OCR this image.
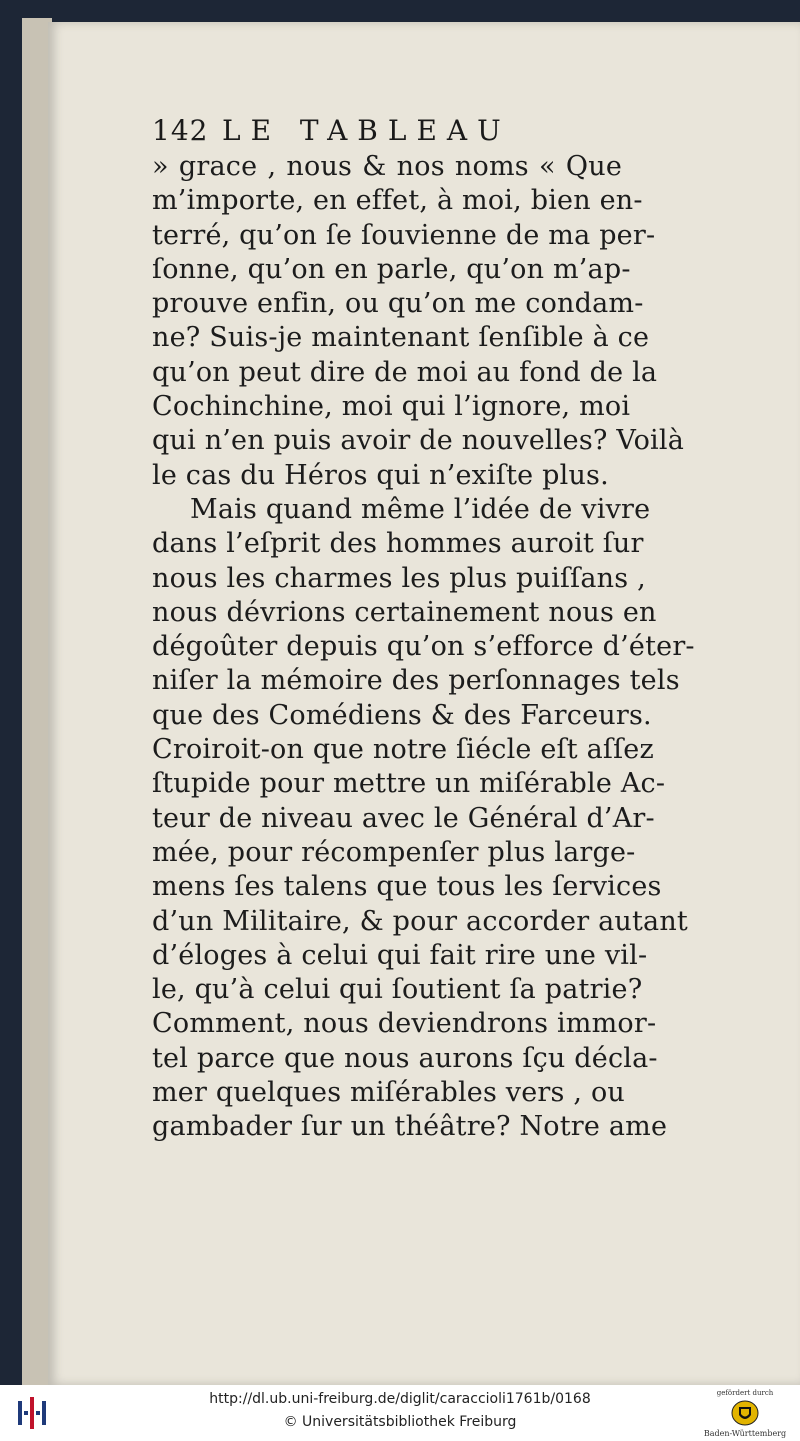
142 LE TABLEAU
» grace , nous & nos noms « Que
m’importe, en effet, à moi, bien en-
terré, qu’on ſe ſouvienne de ma per-
ſonne, qu’on en parle, qu’on m’ap-
prouve enfin, ou qu’on me condam-
ne? Suis-je maintenant ſenſible à ce
qu’on peut dire de moi au fond de la
Cochinchine, moi qui l’ignore, moi
qui n’en puis avoir de nouvelles? Voilà
le cas du Héros qui n’exiſte plus.
Mais quand même l’idée de vivre
dans l’eſprit des hommes auroit ſur
nous les charmes les plus puiſſans ,
nous dévrions certainement nous en
dégoûter depuis qu’on s’efforce d’éter-
niſer la mémoire des perſonnages tels
que des Comédiens & des Farceurs.
Croiroit-on que notre ſiécle eſt aſſez
ſtupide pour mettre un miſérable Ac-
teur de niveau avec le Général d’Ar-
mée, pour récompenſer plus large-
mens ſes talens que tous les ſervices
d’un Militaire, & pour accorder autant
d’éloges à celui qui fait rire une vil-
le, qu’à celui qui ſoutient ſa patrie?
Comment, nous deviendrons immor-
tel parce que nous aurons ſçu décla-
mer quelques miſérables vers , ou
gambader ſur un théâtre? Notre ame
http://dl.ub.uni-freiburg.de/diglit/caraccioli1761b/0168
© Universitätsbibliothek Freiburg
gefördert durch
Baden-Württemberg
